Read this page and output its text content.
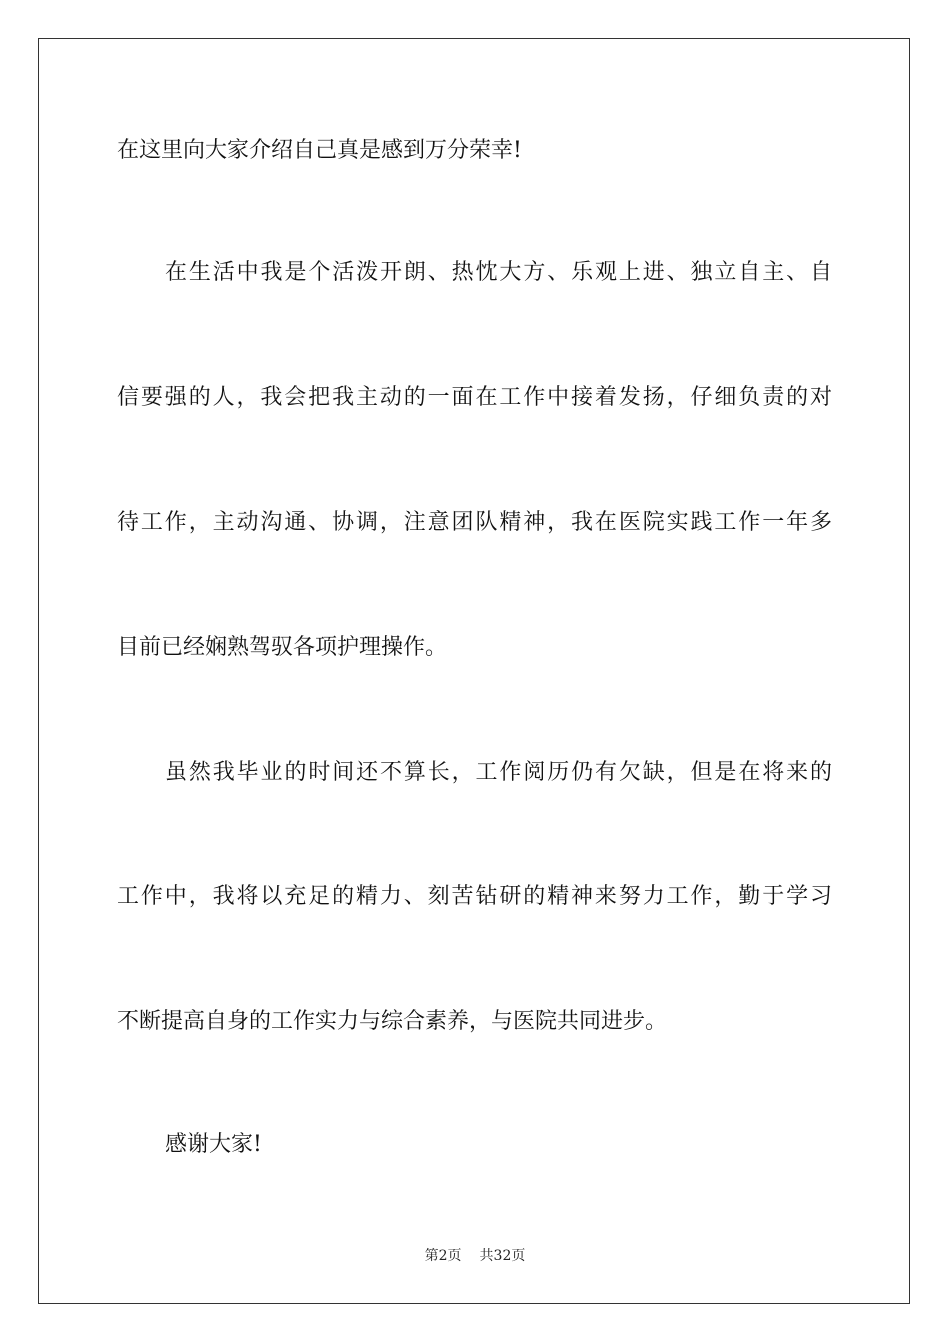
在这里向大家介绍自己真是感到万分荣幸!
在生活中我是个活泼开朗、热忱大方、乐观上进、独立自主、自
信要强的人，我会把我主动的一面在工作中接着发扬，仔细负责的对
待工作，主动沟通、协调，注意团队精神，我在医院实践工作一年多
目前已经娴熟驾驭各项护理操作。
虽然我毕业的时间还不算长，工作阅历仍有欠缺，但是在将来的
工作中，我将以充足的精力、刻苦钻研的精神来努力工作，勤于学习
不断提高自身的工作实力与综合素养，与医院共同进步。
感谢大家!
第2页 共32页
